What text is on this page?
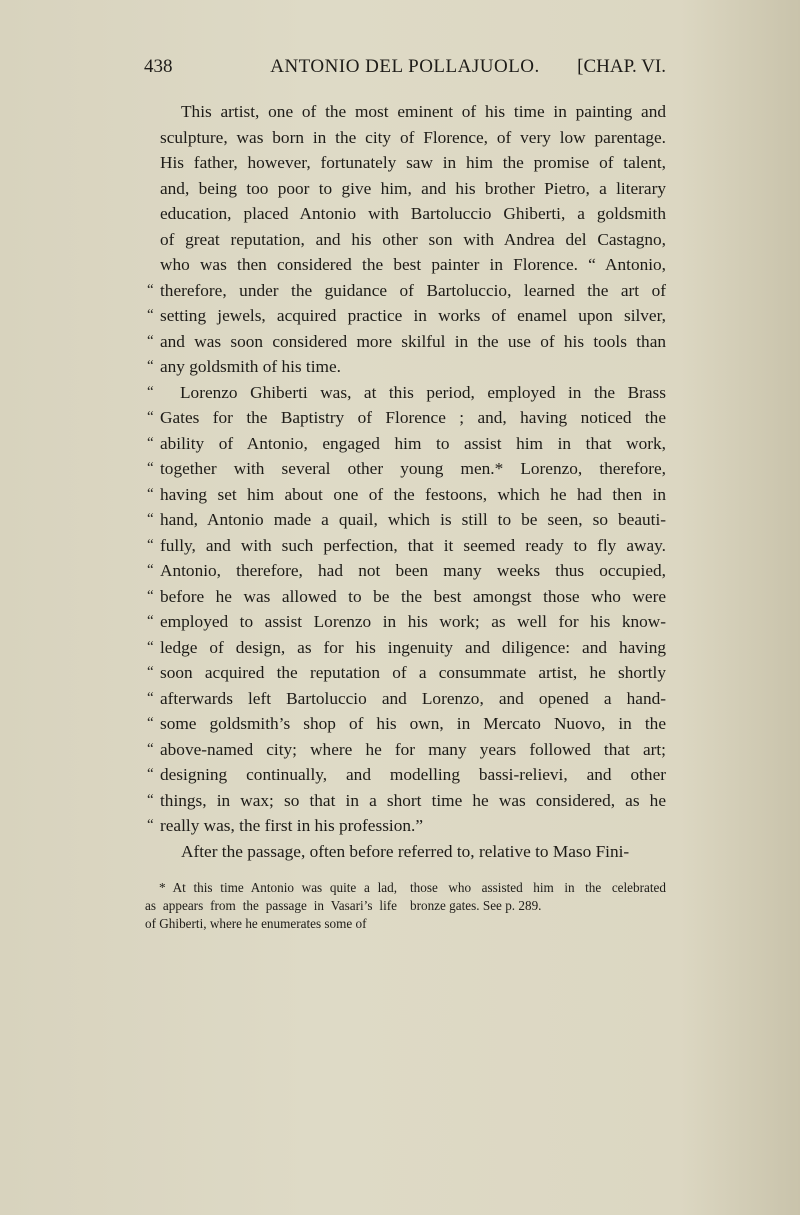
438	ANTONIO DEL POLLAJUOLO.	[CHAP. VI.
This artist, one of the most eminent of his time in painting and
sculpture, was born in the city of Florence, of very low parentage.
His father, however, fortunately saw in him the promise of talent,
and, being too poor to give him, and his brother Pietro, a literary
education, placed Antonio with Bartoluccio Ghiberti, a goldsmith
of great reputation, and his other son with Andrea del Castagno,
who was then considered the best painter in Florence. “ Antonio,
“ therefore, under the guidance of Bartoluccio, learned the art of
“ setting jewels, acquired practice in works of enamel upon silver,
“ and was soon considered more skilful in the use of his tools than
“ any goldsmith of his time.
“	Lorenzo Ghiberti was, at this period, employed in the Brass
“ Gates for the Baptistry of Florence ; and, having noticed the
“ ability of Antonio, engaged him to assist him in that work,
“ together with several other young men.* Lorenzo, therefore,
“ having set him about one of the festoons, which he had then in
“ hand, Antonio made a quail, which is still to be seen, so beauti-
“ fully, and with such perfection, that it seemed ready to fly away.
“ Antonio, therefore, had not been many weeks thus occupied,
“ before he was allowed to be the best amongst those who were
“ employed to assist Lorenzo in his work; as well for his know-
“ ledge of design, as for his ingenuity and diligence: and having
“ soon acquired the reputation of a consummate artist, he shortly
“ afterwards left Bartoluccio and Lorenzo, and opened a hand-
“ some goldsmith’s shop of his own, in Mercato Nuovo, in the
“ above-named city; where he for many years followed that art;
“ designing continually, and modelling bassi-relievi, and other
“ things, in wax; so that in a short time he was considered, as he
“ really was, the first in his profession.”
After the passage, often before referred to, relative to Maso Fini-
* At this time Antonio was quite a lad,
as appears from the passage in Vasari’s life
of Ghiberti, where he enumerates some of
those who assisted him in the celebrated
bronze gates. See p. 289.
